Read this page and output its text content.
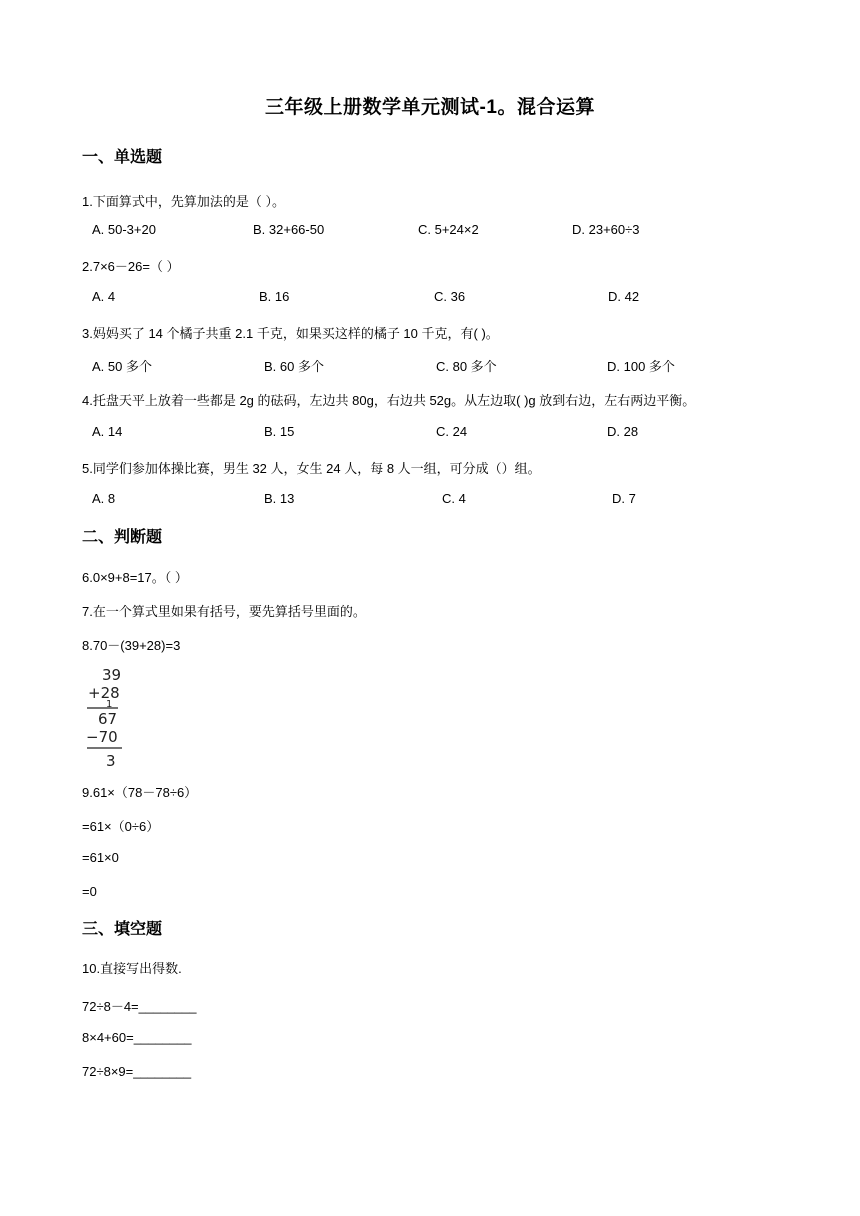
三年级上册数学单元测试-1。混合运算
一、单选题
1.下面算式中，先算加法的是（ ）。
A. 50-3+20	B. 32+66-50	C. 5+24×2	D. 23+60÷3
2.7×6－26=（ ）
A. 4	B. 16	C. 36	D. 42
3.妈妈买了 14 个橘子共重 2.1 千克，如果买这样的橘子 10 千克，有( )。
A. 50 多个	B. 60 多个	C. 80 多个	D. 100 多个
4.托盘天平上放着一些都是 2g 的砝码，左边共 80g，右边共 52g。从左边取( )g 放到右边，左右两边平衡。
A. 14	B. 15	C. 24	D. 28
5.同学们参加体操比赛，男生 32 人，女生 24 人，每 8 人一组，可分成（）组。
A. 8	B. 13	C. 4	D. 7
二、判断题
6.0×9+8=17。（ ）
7.在一个算式里如果有括号，要先算括号里面的。
8.70－(39+28)=3
39
+28
1
67
−70
3
9.61×（78－78÷6）
=61×（0÷6）
=61×0
=0
三、填空题
10.直接写出得数.
72÷8－4=________
8×4+60=________
72÷8×9=________
